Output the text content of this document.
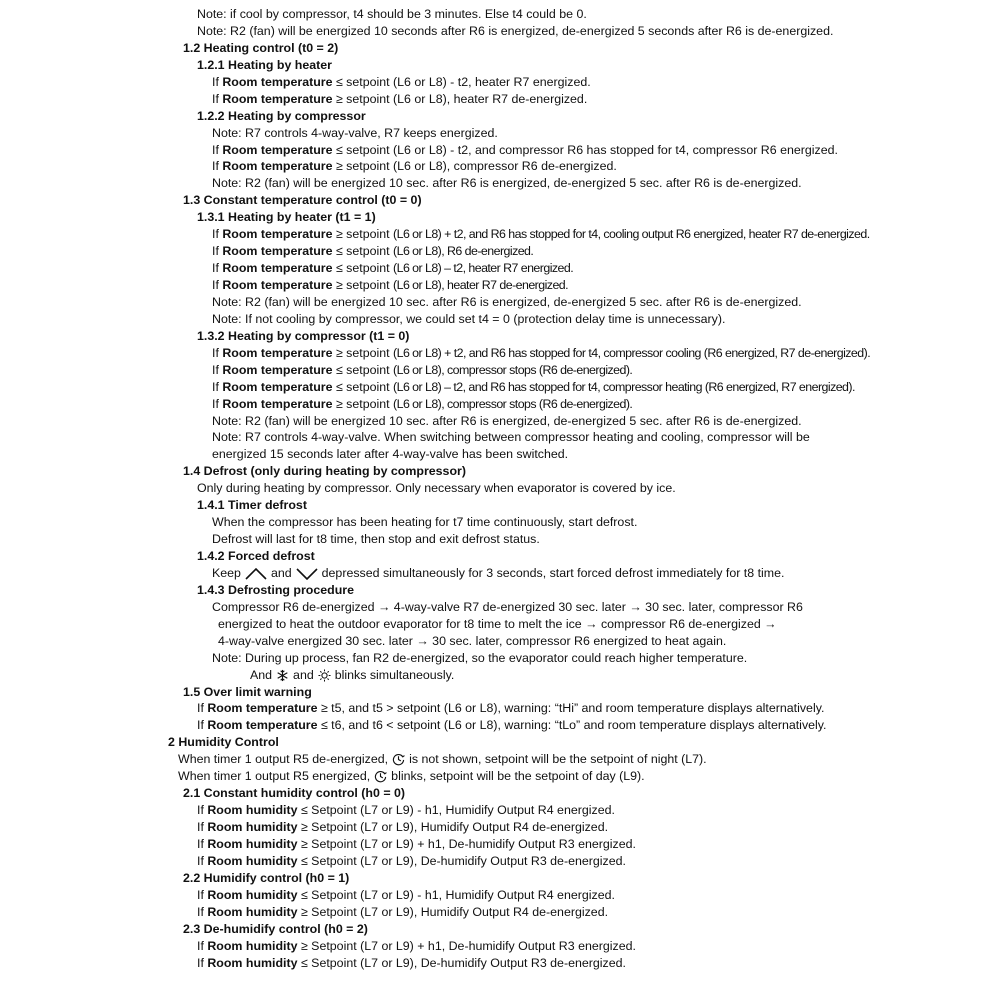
Note: if cool by compressor, t4 should be 3 minutes. Else t4 could be 0.
Note: R2 (fan) will be energized 10 seconds after R6 is energized, de-energized 5 seconds after R6 is de-energized.
1.2 Heating control (t0 = 2)
1.2.1 Heating by heater
If Room temperature ≤ setpoint (L6 or L8) - t2, heater R7 energized.
If Room temperature ≥ setpoint (L6 or L8), heater R7 de-energized.
1.2.2 Heating by compressor
Note: R7 controls 4-way-valve, R7 keeps energized.
If Room temperature ≤ setpoint (L6 or L8) - t2, and compressor R6 has stopped for t4, compressor R6 energized.
If Room temperature ≥ setpoint (L6 or L8), compressor R6 de-energized.
Note: R2 (fan) will be energized 10 sec. after R6 is energized, de-energized 5 sec. after R6 is de-energized.
1.3 Constant temperature control (t0 = 0)
1.3.1 Heating by heater (t1 = 1)
If Room temperature ≥ setpoint (L6 or L8) + t2, and R6 has stopped for t4, cooling output R6 energized, heater R7 de-energized.
If Room temperature ≤ setpoint (L6 or L8), R6 de-energized.
If Room temperature ≤ setpoint (L6 or L8) – t2, heater R7 energized.
If Room temperature ≥ setpoint (L6 or L8), heater R7 de-energized.
Note: R2 (fan) will be energized 10 sec. after R6 is energized, de-energized 5 sec. after R6 is de-energized.
Note: If not cooling by compressor, we could set t4 = 0 (protection delay time is unnecessary).
1.3.2 Heating by compressor (t1 = 0)
If Room temperature ≥ setpoint (L6 or L8) + t2, and R6 has stopped for t4, compressor cooling (R6 energized, R7 de-energized).
If Room temperature ≤ setpoint (L6 or L8), compressor stops (R6 de-energized).
If Room temperature ≤ setpoint (L6 or L8) – t2, and R6 has stopped for t4, compressor heating (R6 energized, R7 energized).
If Room temperature ≥ setpoint (L6 or L8), compressor stops (R6 de-energized).
Note: R2 (fan) will be energized 10 sec. after R6 is energized, de-energized 5 sec. after R6 is de-energized.
Note: R7 controls 4-way-valve. When switching between compressor heating and cooling, compressor will be
energized 15 seconds later after 4-way-valve has been switched.
1.4 Defrost (only during heating by compressor)
Only during heating by compressor. Only necessary when evaporator is covered by ice.
1.4.1 Timer defrost
When the compressor has been heating for t7 time continuously, start defrost.
Defrost will last for t8 time, then stop and exit defrost status.
1.4.2 Forced defrost
Keep and depressed simultaneously for 3 seconds, start forced defrost immediately for t8 time.
1.4.3 Defrosting procedure
Compressor R6 de-energized → 4-way-valve R7 de-energized 30 sec. later → 30 sec. later, compressor R6
energized to heat the outdoor evaporator for t8 time to melt the ice → compressor R6 de-energized →
4-way-valve energized 30 sec. later → 30 sec. later, compressor R6 energized to heat again.
Note: During up process, fan R2 de-energized, so the evaporator could reach higher temperature.
And and blinks simultaneously.
1.5 Over limit warning
If Room temperature ≥ t5, and t5 > setpoint (L6 or L8), warning: “tHi” and room temperature displays alternatively.
If Room temperature ≤ t6, and t6 < setpoint (L6 or L8), warning: “tLo” and room temperature displays alternatively.
2 Humidity Control
When timer 1 output R5 de-energized, is not shown, setpoint will be the setpoint of night (L7).
When timer 1 output R5 energized, blinks, setpoint will be the setpoint of day (L9).
2.1 Constant humidity control (h0 = 0)
If Room humidity ≤ Setpoint (L7 or L9) - h1, Humidify Output R4 energized.
If Room humidity ≥ Setpoint (L7 or L9), Humidify Output R4 de-energized.
If Room humidity ≥ Setpoint (L7 or L9) + h1, De-humidify Output R3 energized.
If Room humidity ≤ Setpoint (L7 or L9), De-humidify Output R3 de-energized.
2.2 Humidify control (h0 = 1)
If Room humidity ≤ Setpoint (L7 or L9) - h1, Humidify Output R4 energized.
If Room humidity ≥ Setpoint (L7 or L9), Humidify Output R4 de-energized.
2.3 De-humidify control (h0 = 2)
If Room humidity ≥ Setpoint (L7 or L9) + h1, De-humidify Output R3 energized.
If Room humidity ≤ Setpoint (L7 or L9), De-humidify Output R3 de-energized.
